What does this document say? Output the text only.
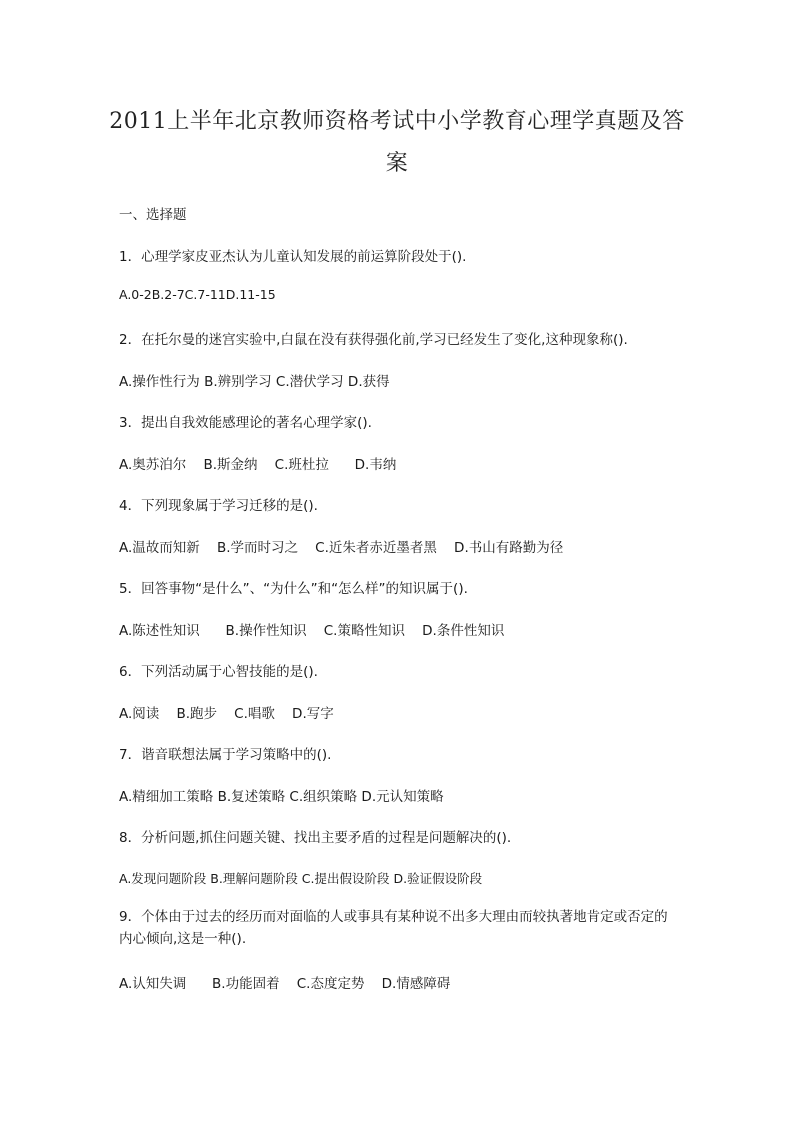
2011上半年北京教师资格考试中小学教育心理学真题及答
案
一、选择题
1．心理学家皮亚杰认为儿童认知发展的前运算阶段处于().
A.0-2B.2-7C.7-11D.11-15
2．在托尔曼的迷宫实验中,白鼠在没有获得强化前,学习已经发生了变化,这种现象称().
A.操作性行为 B.辨别学习 C.潜伏学习 D.获得
3．提出自我效能感理论的著名心理学家().
A.奥苏泊尔    B.斯金纳    C.班杜拉      D.韦纳
4．下列现象属于学习迁移的是().
A.温故而知新    B.学而时习之    C.近朱者赤近墨者黑    D.书山有路勤为径
5．回答事物“是什么”、“为什么”和“怎么样”的知识属于().
A.陈述性知识      B.操作性知识    C.策略性知识    D.条件性知识
6．下列活动属于心智技能的是().
A.阅读    B.跑步    C.唱歌    D.写字
7．谐音联想法属于学习策略中的().
A.精细加工策略 B.复述策略 C.组织策略 D.元认知策略
8．分析问题,抓住问题关键、找出主要矛盾的过程是问题解决的().
A.发现问题阶段 B.理解问题阶段 C.提出假设阶段 D.验证假设阶段
9．个体由于过去的经历而对面临的人或事具有某种说不出多大理由而较执著地肯定或否定的内心倾向,这是一种().
A.认知失调      B.功能固着    C.态度定势    D.情感障碍
